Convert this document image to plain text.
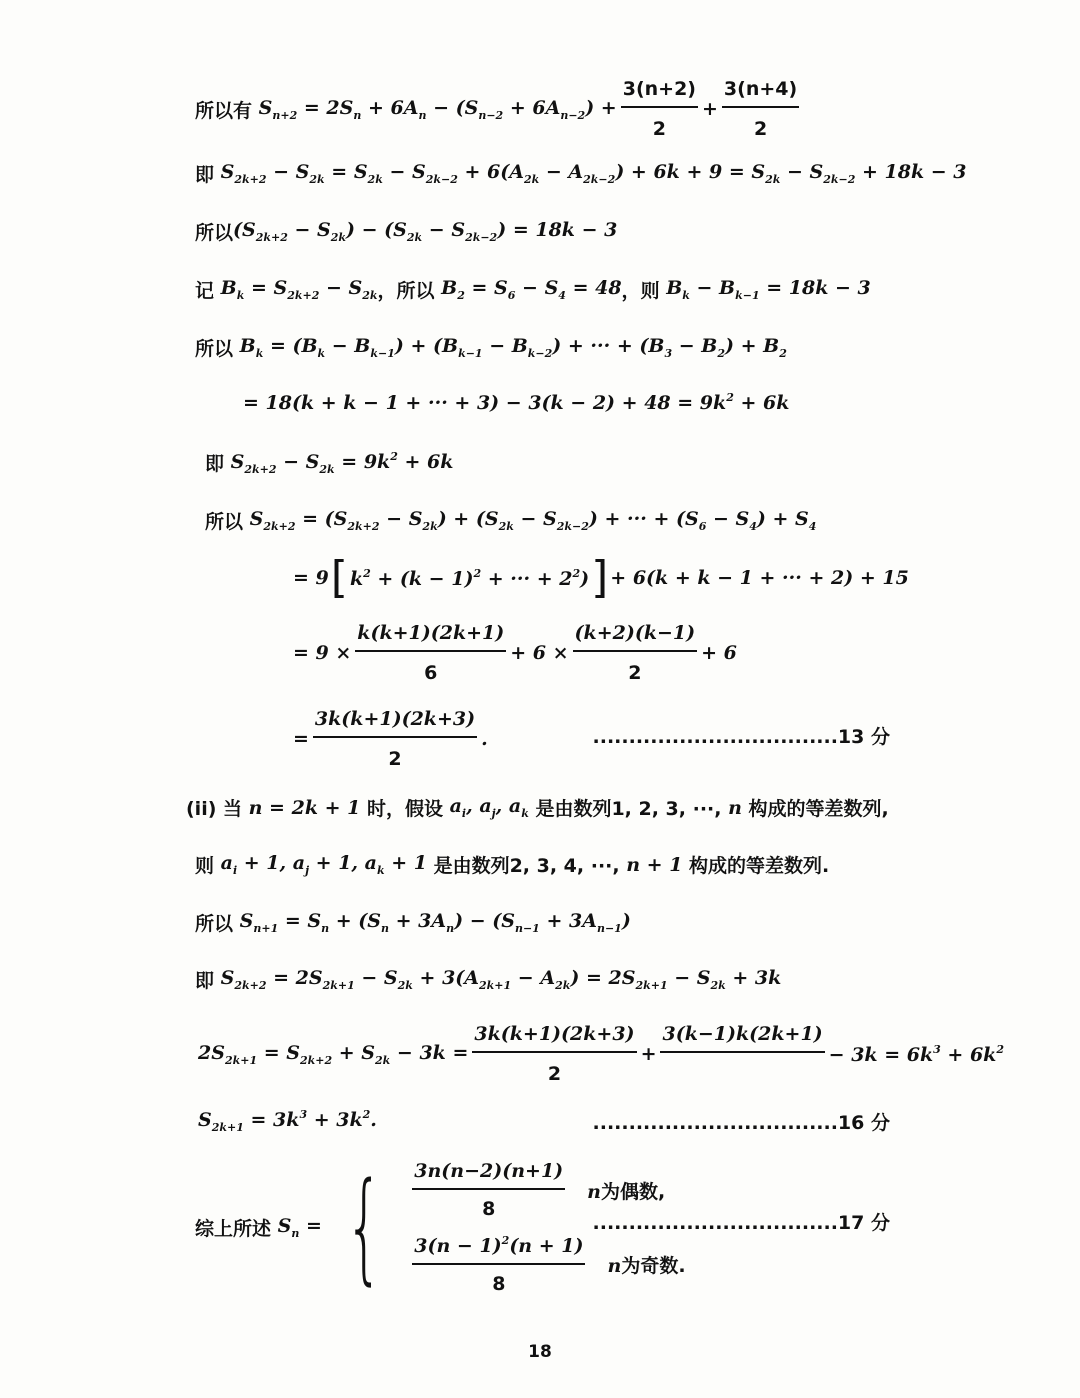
所以有 $S_{n+2} = 2S_n + 6A_n - (S_{n-2} + 6A_{n-2}) + \frac{3(n+2)}{2} + \frac{3(n+4)}{2}$
即 $S_{2k+2} - S_{2k} = S_{2k} - S_{2k-2} + 6(A_{2k} - A_{2k-2}) + 6k + 9 = S_{2k} - S_{2k-2} + 18k - 3$
所以 $(S_{2k+2} - S_{2k}) - (S_{2k} - S_{2k-2}) = 18k - 3$
记 $B_k = S_{2k+2} - S_{2k}$ ， 所以 $B_2 = S_6 - S_4 = 48$ ， 则 $B_k - B_{k-1} = 18k - 3$
所以 $B_k = (B_k - B_{k-1}) + (B_{k-1} - B_{k-2})$ + ··· + $(B_3 - B_2) + B_2$
= 18(k + k − 1 + ··· + $3) - 3(k - 2) + 48 = 9k^2 + 6k$
即 $S_{2k+2} - S_{2k} = 9k^2 + 6k$
所以 $S_{2k+2} = (S_{2k+2} - S_{2k}) + (S_{2k} - S_{2k-2})$ + ··· + $(S_6 - S_4) + S_4$
= 9 [ $k^2 + (k - 1)^2$ + ··· + $2^2$) ] + 6(k + k − 1 + ··· + 2) + 15
= $9 \times \frac{k(k+1)(2k+1)}{6} + 6 \times \frac{(k+2)(k-1)}{2} + 6$
= $\frac{3k(k+1)(2k+3)}{2}$ .	..................................13 分
(ii) 当 n = 2k + 1 时，假设 $a_i$, $a_j$, $a_k$ 是由数列1, 2, 3, ···, n 构成的等差数列,
则 $a_i + 1$, $a_j + 1$, $a_k + 1$ 是由数列2, 3, 4, ···, n + 1 构成的等差数列.
所以 $S_{n+1} = S_n + (S_n + 3A_n) - (S_{n-1} + 3A_{n-1})$
即 $S_{2k+2} = 2S_{2k+1} - S_{2k} + 3(A_{2k+1} - A_{2k}) = 2S_{2k+1} - S_{2k} + 3k$
$2S_{2k+1} = S_{2k+2} + S_{2k} - 3k = \frac{3k(k+1)(2k+3)}{2}$ +
3(k−1)k(2k+1)

− $3k = 6k^3 + 6k^2$
$S_{2k+1} = 3k^3 + 3k^2$.	..................................16 分
综上所述 $S_n$ = { $\frac{3n(n-2)(n+1)}{8}$ n为偶数,
$\frac{3(n - 1)^2(n + 1)}{8}$ n为奇数.
..................................17 分
18
